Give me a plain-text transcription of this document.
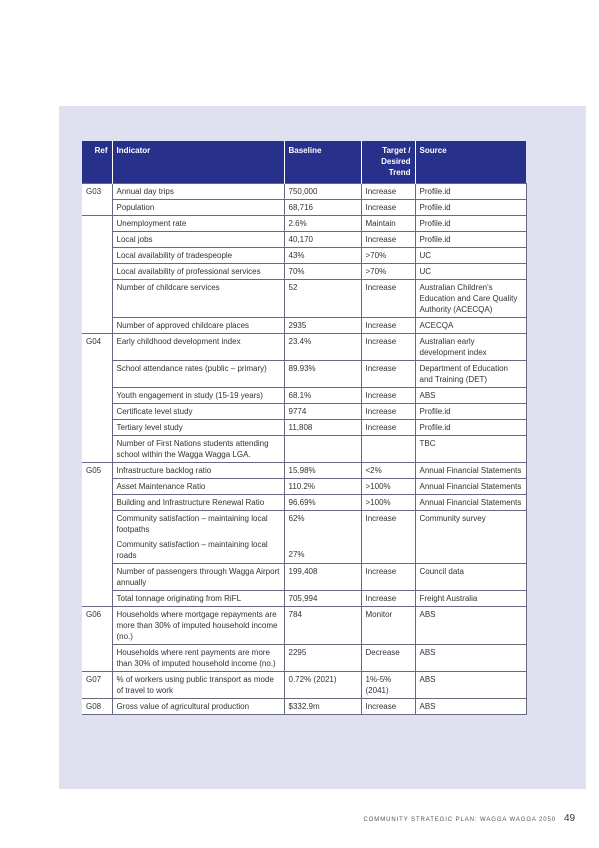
Ref	Indicator	Baseline	Target /
Desired
Trend	Source
G03	Annual day trips	750,000	Increase	Profile.id
	Population	68,716	Increase	Profile.id
	Unemployment rate	2.6%	Maintain	Profile.id
	Local jobs	40,170	Increase	Profile.id
	Local availability of tradespeople	43%	>70%	UC
	Local availability of professional services	70%	>70%	UC
	Number of childcare services	52	Increase	Australian Children's Education and Care Quality Authority (ACECQA)
	Number of approved childcare places	2935	Increase	ACECQA
G04	Early childhood development index	23.4%	Increase	Australian early development index
	School attendance rates (public – primary)	89.93%	Increase	Department of Education and Training (DET)
	Youth engagement in study (15-19 years)	68.1%	Increase	ABS
	Certificate level study	9774	Increase	Profile.id
	Tertiary level study	11,808	Increase	Profile.id
	Number of First Nations students attending school within the Wagga Wagga LGA.			TBC
G05	Infrastructure backlog ratio	15.98%	<2%	Annual Financial Statements
	Asset Maintenance Ratio	110.2%	>100%	Annual Financial Statements
	Building and Infrastructure Renewal Ratio	96.69%	>100%	Annual Financial Statements
	Community satisfaction – maintaining local footpaths	62%	Increase	Community survey
	Community satisfaction – maintaining local roads	27%		
	Number of passengers through Wagga Airport annually	199,408	Increase	Council data
	Total tonnage originating from RiFL	705,994	Increase	Freight Australia
G06	Households where mortgage repayments are more than 30% of imputed household income (no.)	784	Monitor	ABS
	Households where rent payments are more than 30% of imputed household income (no.)	2295	Decrease	ABS
G07	% of workers using public transport as mode of travel to work	0.72% (2021)	1%-5% (2041)	ABS
G08	Gross value of agricultural production	$332.9m	Increase	ABS
COMMUNITY STRATEGIC PLAN: WAGGA WAGGA 2050 49
